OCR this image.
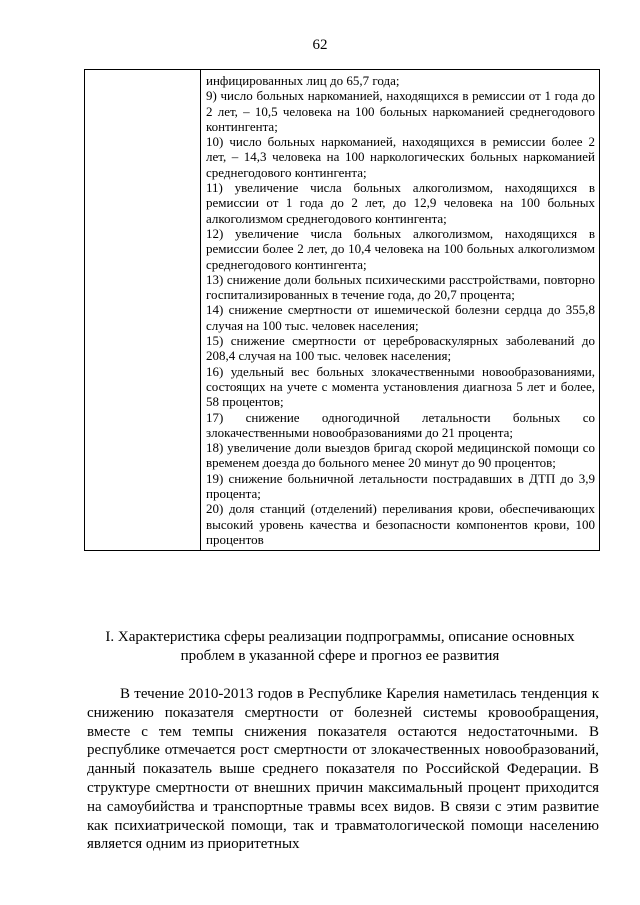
62

инфицированных лиц до 65,7 года;

9) число больных наркоманией, находящихся в ремиссии от 1 года до 2 лет, – 10,5 человека на 100 больных наркоманией среднегодового контингента;

10) число больных наркоманией, находящихся в ремиссии более 2 лет, – 14,3 человека на 100 наркологических больных наркоманией среднегодового контингента;

11) увеличение числа больных алкоголизмом, находящихся в ремиссии от 1 года до 2 лет, до 12,9 человека на 100 больных алкоголизмом среднегодового контингента;

12) увеличение числа больных алкоголизмом, находящихся в ремиссии более 2 лет, до 10,4 человека на 100 больных алкоголизмом среднегодового контингента;

13) снижение доли больных психическими расстройствами, повторно госпитализированных в течение года, до 20,7 процента;

14) снижение смертности от ишемической болезни сердца до 355,8 случая на 100 тыс. человек населения;

15) снижение смертности от цереброваскулярных заболеваний до 208,4 случая на 100 тыс. человек населения;

16) удельный вес больных злокачественными новообразованиями, состоящих на учете с момента установления диагноза 5 лет и более, 58 процентов;

17) снижение одногодичной летальности больных со злокачественными новообразованиями до 21 процента;

18) увеличение доли выездов бригад скорой медицинской помощи со временем доезда до больного менее 20 минут до 90 процентов;

19) снижение больничной летальности пострадавших в ДТП до 3,9 процента;

20) доля станций (отделений) переливания крови, обеспечивающих высокий уровень качества и безопасности компонентов крови, 100 процентов

I. Характеристика сферы реализации подпрограммы, описание основных
проблем в указанной сфере и прогноз ее развития

В течение 2010-2013 годов в Республике Карелия наметилась тенденция к снижению показателя смертности от болезней системы кровообращения, вместе с тем темпы снижения показателя остаются недостаточными. В республике отмечается рост смертности от злокачественных новообразований, данный показатель выше среднего показателя по Российской Федерации. В структуре смертности от внешних причин максимальный процент приходится на самоубийства и транспортные травмы всех видов. В связи с этим развитие как психиатрической помощи, так и травматологической помощи населению является одним из приоритетных
